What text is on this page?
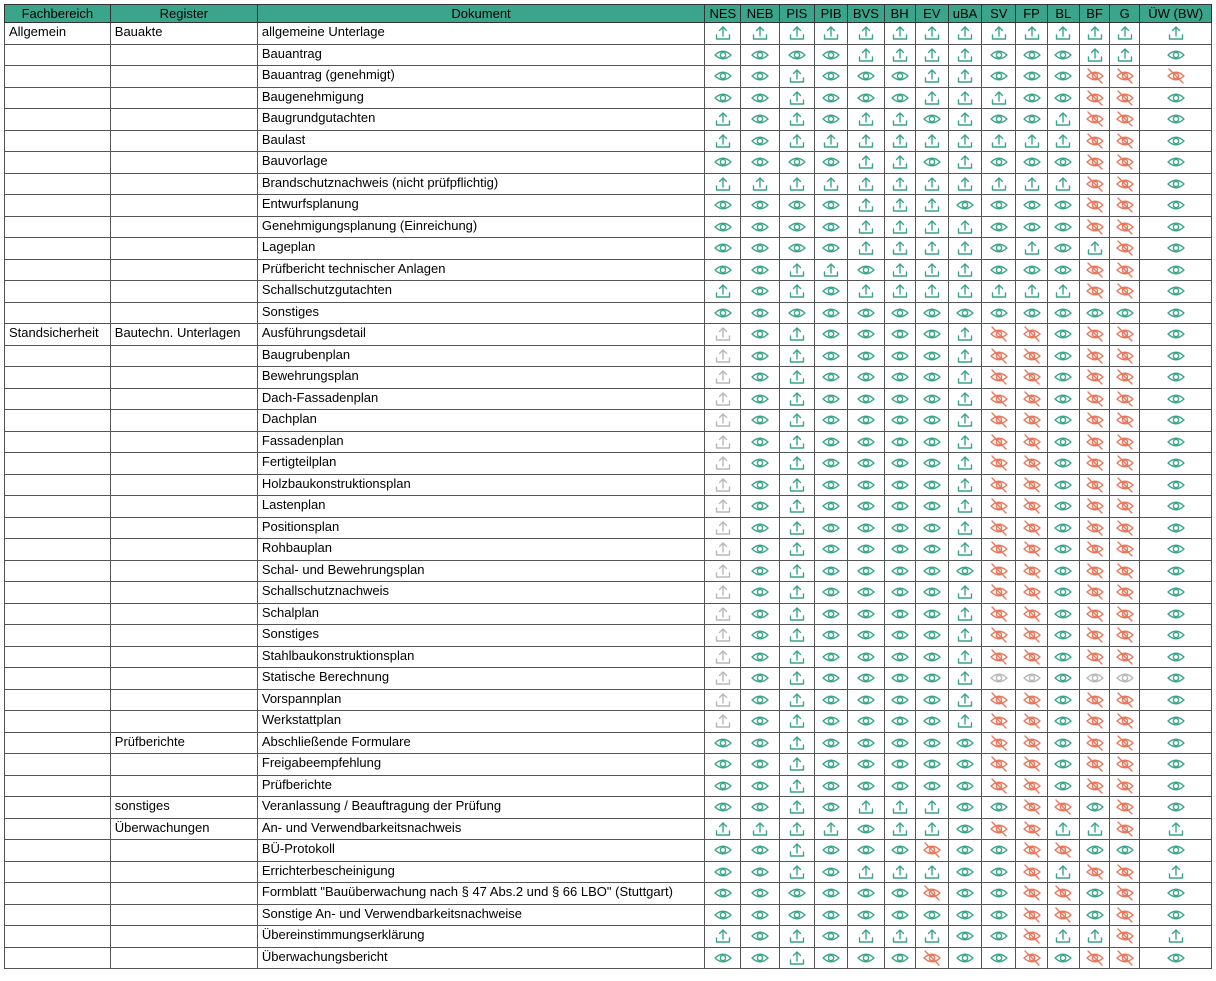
Fachbereich	Register	Dokument	NES	NEB	PIS	PIB	BVS	BH	EV	uBA	SV	FP	BL	BF	G	ÜW (BW)
Allgemein	Bauakte	allgemeine Unterlage														
		Bauantrag														
		Bauantrag (genehmigt)														
		Baugenehmigung														
		Baugrundgutachten														
		Baulast														
		Bauvorlage														
		Brandschutznachweis (nicht prüfpflichtig)														
		Entwurfsplanung														
		Genehmigungsplanung (Einreichung)														
		Lageplan														
		Prüfbericht technischer Anlagen														
		Schallschutzgutachten														
		Sonstiges														
Standsicherheit	Bautechn. Unterlagen	Ausführungsdetail														
		Baugrubenplan														
		Bewehrungsplan														
		Dach-Fassadenplan														
		Dachplan														
		Fassadenplan														
		Fertigteilplan														
		Holzbaukonstruktionsplan														
		Lastenplan														
		Positionsplan														
		Rohbauplan														
		Schal- und Bewehrungsplan														
		Schallschutznachweis														
		Schalplan														
		Sonstiges														
		Stahlbaukonstruktionsplan														
		Statische Berechnung														
		Vorspannplan														
		Werkstattplan														
	Prüfberichte	Abschließende Formulare														
		Freigabeempfehlung														
		Prüfberichte														
	sonstiges	Veranlassung / Beauftragung der Prüfung														
	Überwachungen	An- und Verwendbarkeitsnachweis														
		BÜ-Protokoll														
		Errichterbescheinigung														
		Formblatt "Bauüberwachung nach § 47 Abs.2 und § 66 LBO" (Stuttgart)														
		Sonstige An- und Verwendbarkeitsnachweise														
		Übereinstimmungserklärung														
		Überwachungsbericht														
